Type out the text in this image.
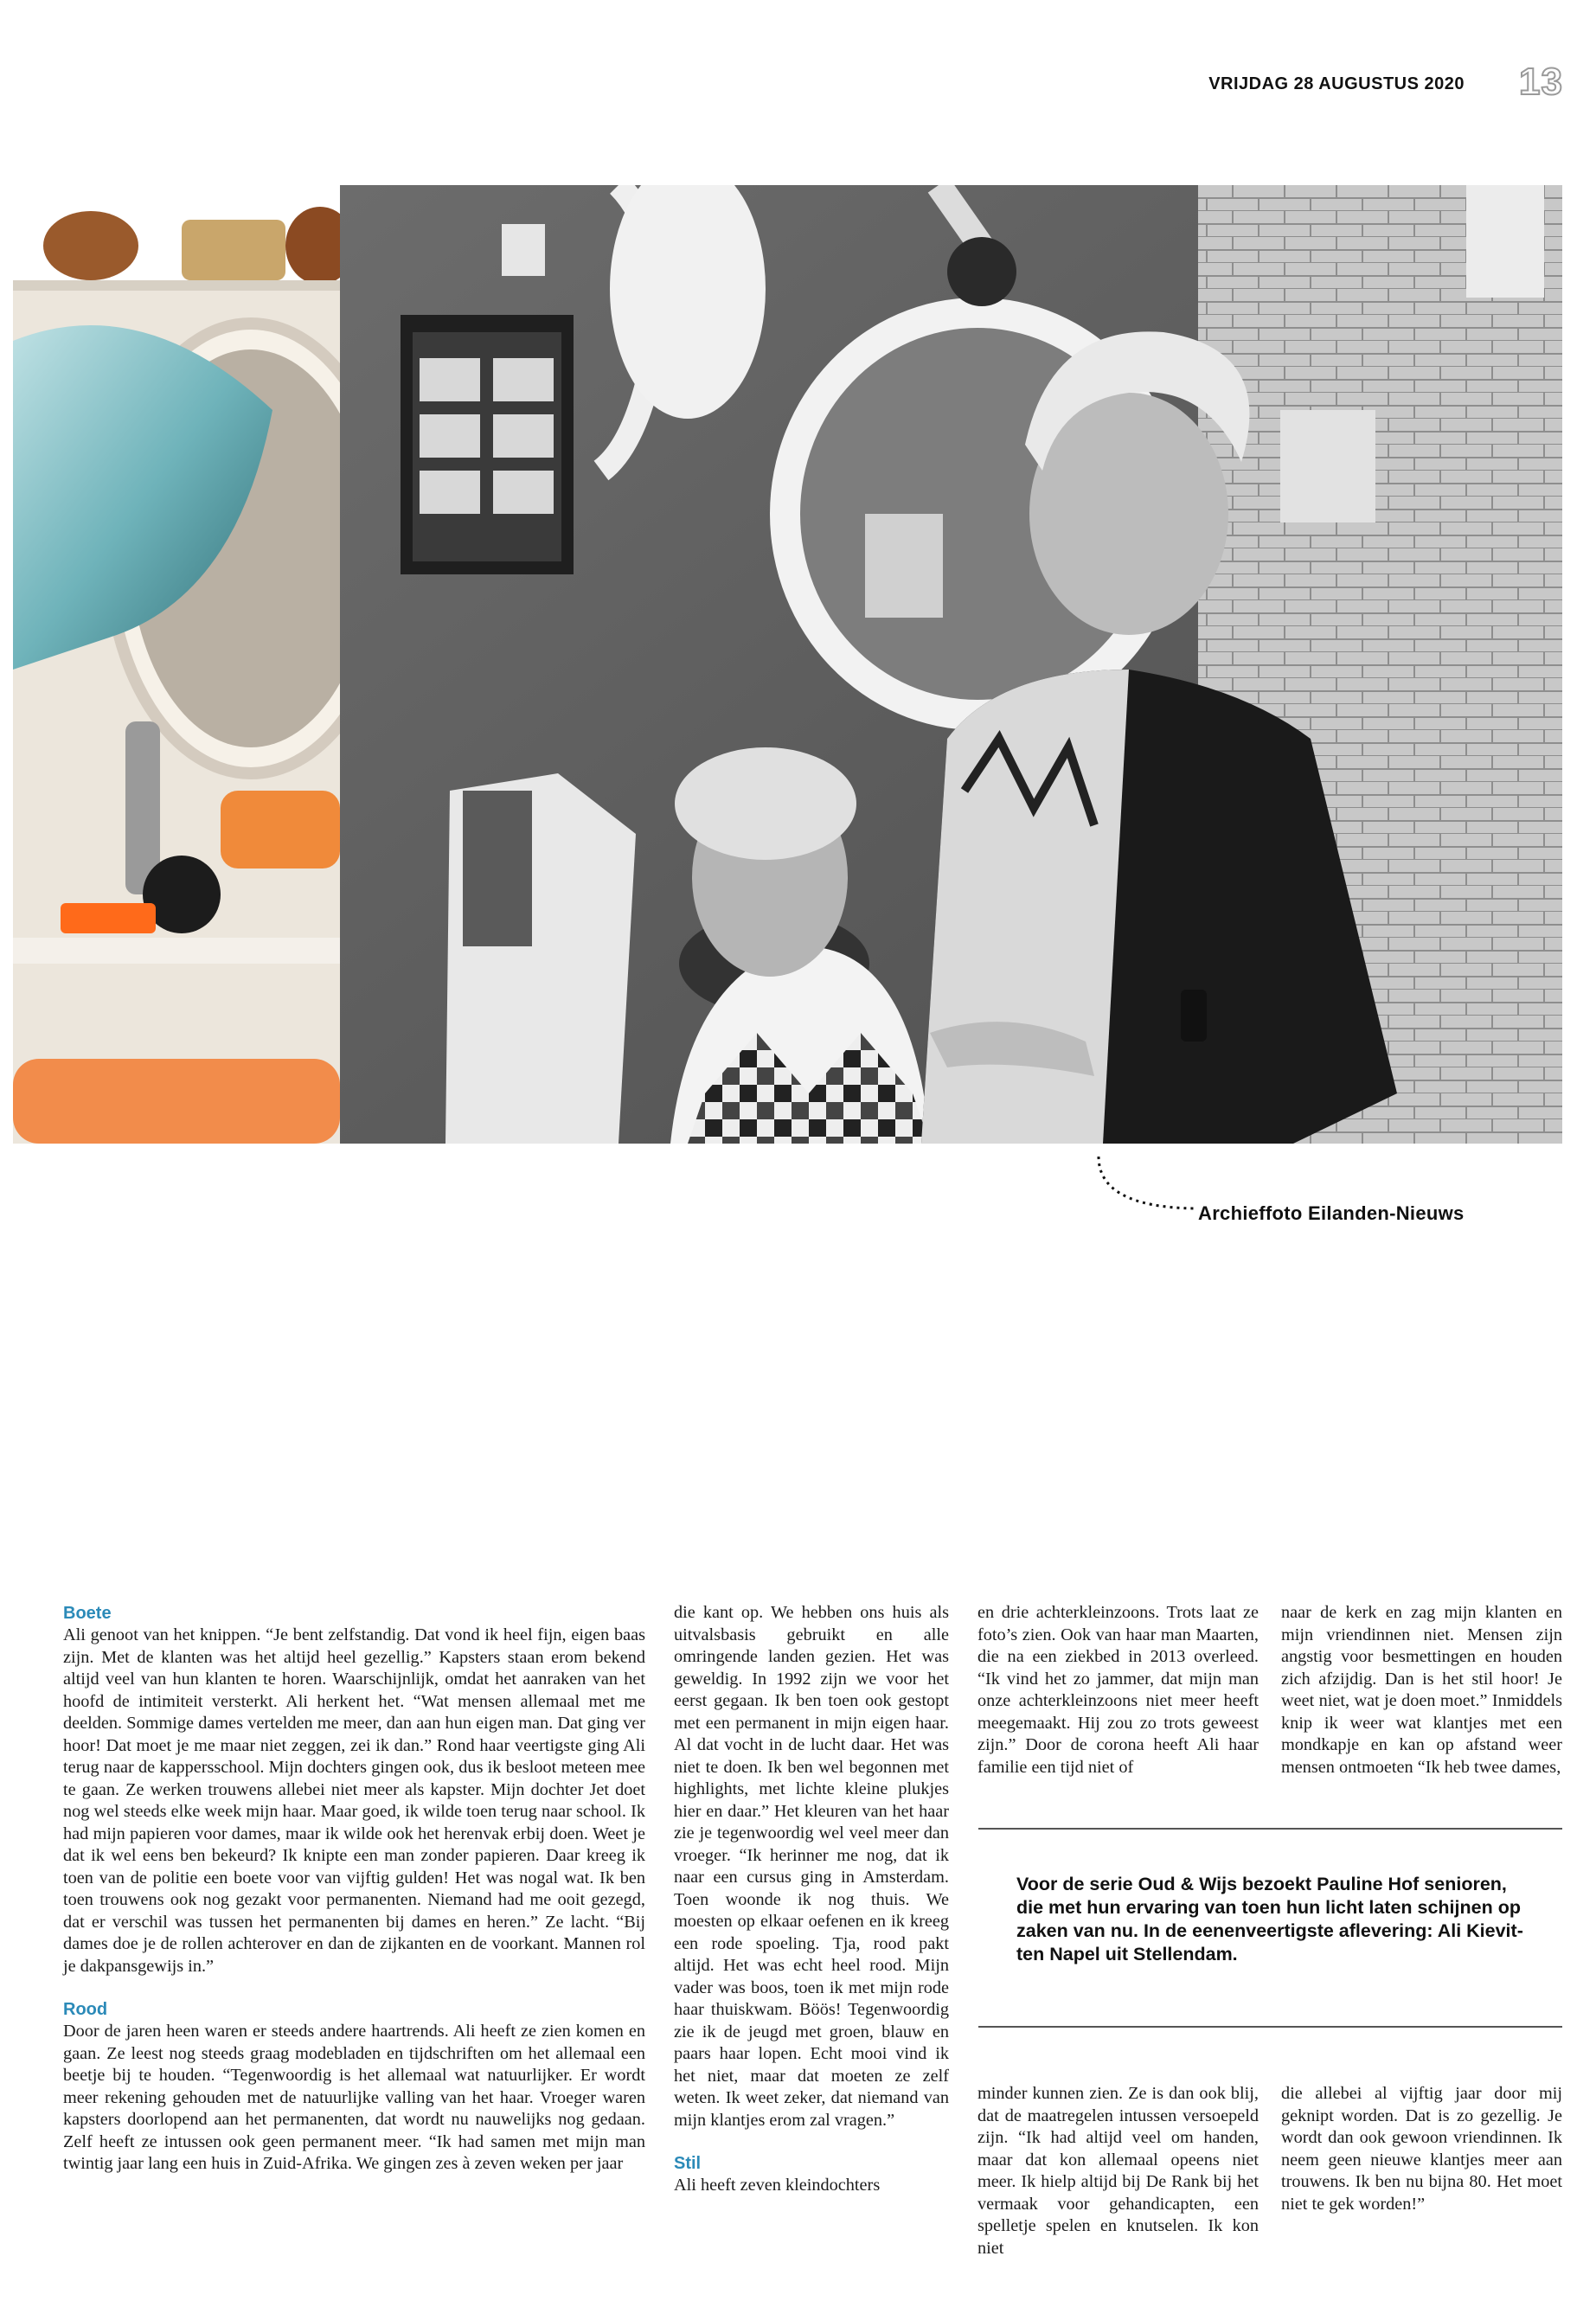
VRIJDAG 28 AUGUSTUS 2020 13
Archieffoto Eilanden-Nieuws
Boete

Ali genoot van het knippen. “Je bent zelfstandig. Dat vond ik heel fijn, eigen baas zijn. Met de klanten was het altijd heel gezellig.” Kapsters staan erom bekend altijd veel van hun klanten te horen. Waarschijnlijk, omdat het aanraken van het hoofd de intimiteit versterkt. Ali herkent het. “Wat mensen allemaal met me deelden. Sommige dames vertelden me meer, dan aan hun eigen man. Dat ging ver hoor! Dat moet je me maar niet zeggen, zei ik dan.” Rond haar veertigste ging Ali terug naar de kappersschool. Mijn dochters gingen ook, dus ik besloot meteen mee te gaan. Ze werken trouwens allebei niet meer als kapster. Mijn dochter Jet doet nog wel steeds elke week mijn haar. Maar goed, ik wilde toen terug naar school. Ik had mijn papieren voor dames, maar ik wilde ook het herenvak erbij doen. Weet je dat ik wel eens ben bekeurd? Ik knipte een man zonder papieren. Daar kreeg ik toen van de politie een boete voor van vijftig gulden! Het was nogal wat. Ik ben toen trouwens ook nog gezakt voor permanenten. Niemand had me ooit gezegd, dat er verschil was tussen het permanenten bij dames en heren.” Ze lacht. “Bij dames doe je de rollen achterover en dan de zijkanten en de voorkant. Mannen rol je dakpansgewijs in.”

Rood

Door de jaren heen waren er steeds andere haartrends. Ali heeft ze zien komen en gaan. Ze leest nog steeds graag modebladen en tijdschriften om het allemaal een beetje bij te houden. “Tegenwoordig is het allemaal wat natuurlijker. Er wordt meer rekening gehouden met de natuurlijke valling van het haar. Vroeger waren kapsters doorlopend aan het permanenten, dat wordt nu nauwelijks nog gedaan. Zelf heeft ze intussen ook geen permanent meer. “Ik had samen met mijn man twintig jaar lang een huis in Zuid-Afrika. We gingen zes à zeven weken per jaar

die kant op. We hebben ons huis als uitvalsbasis gebruikt en alle omringende landen gezien. Het was geweldig. In 1992 zijn we voor het eerst gegaan. Ik ben toen ook gestopt met een permanent in mijn eigen haar. Al dat vocht in de lucht daar. Het was niet te doen. Ik ben wel begonnen met highlights, met lichte kleine plukjes hier en daar.” Het kleuren van het haar zie je tegenwoordig wel veel meer dan vroeger. “Ik herinner me nog, dat ik naar een cursus ging in Amsterdam. Toen woonde ik nog thuis. We moesten op elkaar oefenen en ik kreeg een rode spoeling. Tja, rood pakt altijd. Het was echt heel rood. Mijn vader was boos, toen ik met mijn rode haar thuiskwam. Böös! Tegenwoordig zie ik de jeugd met groen, blauw en paars haar lopen. Echt mooi vind ik het niet, maar dat moeten ze zelf weten. Ik weet zeker, dat niemand van mijn klantjes erom zal vragen.”

Stil

Ali heeft zeven kleindochters

en drie achterkleinzoons. Trots laat ze foto’s zien. Ook van haar man Maarten, die na een ziekbed in 2013 overleed. “Ik vind het zo jammer, dat mijn man onze achterkleinzoons niet meer heeft meegemaakt. Hij zou zo trots geweest zijn.” Door de corona heeft Ali haar familie een tijd niet of

naar de kerk en zag mijn klanten en mijn vriendinnen niet. Mensen zijn angstig voor besmettingen en houden zich afzijdig. Dan is het stil hoor! Je weet niet, wat je doen moet.” Inmiddels knip ik weer wat klantjes met een mondkapje en kan op afstand weer mensen ontmoeten “Ik heb twee dames,

Voor de serie Oud & Wijs bezoekt Pauline Hof senioren, die met hun ervaring van toen hun licht laten schijnen op zaken van nu. In de eenenveertigste aflevering: Ali Kievit-ten Napel uit Stellendam.

minder kunnen zien. Ze is dan ook blij, dat de maatregelen intussen versoepeld zijn. “Ik had altijd veel om handen, maar dat kon allemaal opeens niet meer. Ik hielp altijd bij De Rank bij het vermaak voor gehandicapten, een spelletje spelen en knutselen. Ik kon niet

die allebei al vijftig jaar door mij geknipt worden. Dat is zo gezellig. Je wordt dan ook gewoon vriendinnen. Ik neem geen nieuwe klantjes meer aan trouwens. Ik ben nu bijna 80. Het moet niet te gek worden!”
